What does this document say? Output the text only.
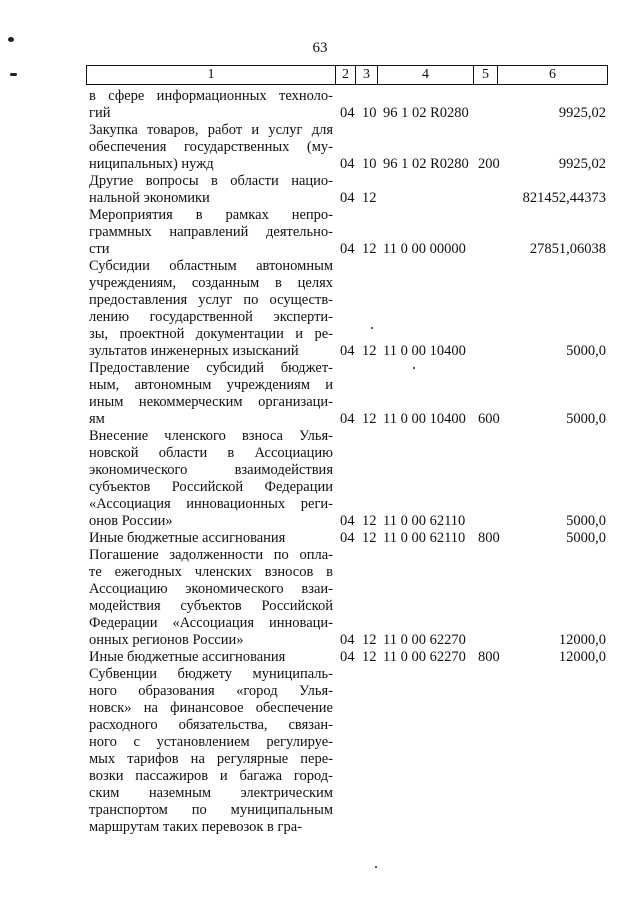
63
1	2	3	4	5	6
в сфере информационных техноло-
гий	04 10 96 1 02 R0280	9925,02
Закупка товаров, работ и услуг для
обеспечения государственных (му-
ниципальных) нужд	04 10 96 1 02 R0280 200	9925,02
Другие вопросы в области нацио-
нальной экономики	04 12	821452,44373
Мероприятия в рамках непро-
граммных направлений деятельно-
сти	04 12 11 0 00 00000	27851,06038
Субсидии областным автономным
учреждениям, созданным в целях
предоставления услуг по осуществ-
лению государственной эксперти-
зы, проектной документации и ре-
зультатов инженерных изысканий	04 12 11 0 00 10400	5000,0
Предоставление субсидий бюджет-
ным, автономным учреждениям и
иным некоммерческим организаци-
ям	04 12 11 0 00 10400 600	5000,0
Внесение членского взноса Улья-
новской области в Ассоциацию
экономического взаимодействия
субъектов Российской Федерации
«Ассоциация инновационных реги-
онов России»	04 12 11 0 00 62110	5000,0
Иные бюджетные ассигнования	04 12 11 0 00 62110 800	5000,0
Погашение задолженности по опла-
те ежегодных членских взносов в
Ассоциацию экономического взаи-
модействия субъектов Российской
Федерации «Ассоциация инноваци-
онных регионов России»	04 12 11 0 00 62270	12000,0
Иные бюджетные ассигнования	04 12 11 0 00 62270 800	12000,0
Субвенции бюджету муниципаль-
ного образования «город Улья-
новск» на финансовое обеспечение
расходного обязательства, связан-
ного с установлением регулируе-
мых тарифов на регулярные пере-
возки пассажиров и багажа город-
ским наземным электрическим
транспортом по муниципальным
маршрутам таких перевозок в гра-
